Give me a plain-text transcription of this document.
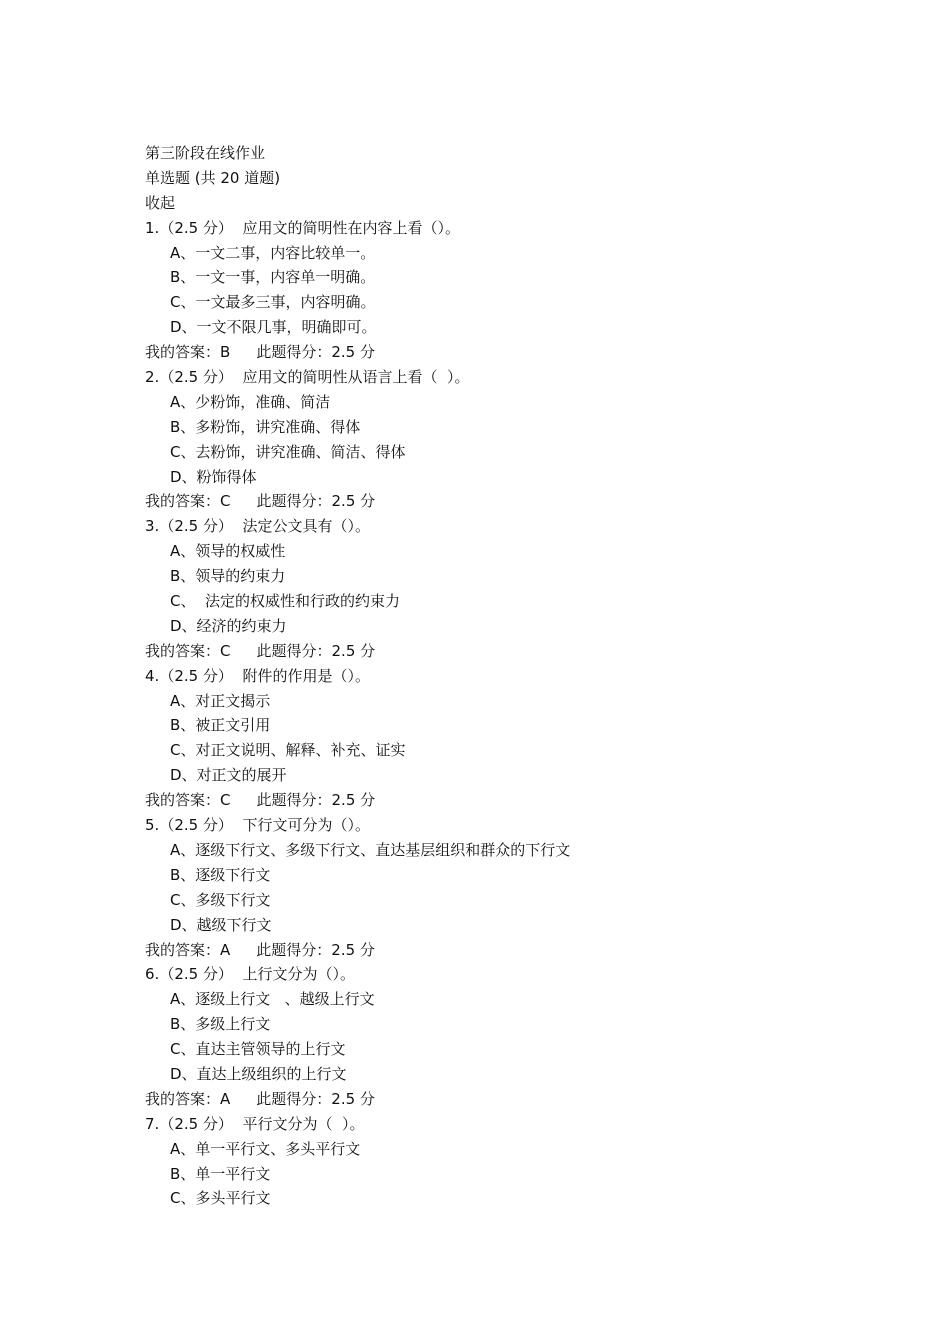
第三阶段在线作业
单选题 (共 20 道题)
收起
1.（2.5 分） 应用文的简明性在内容上看（）。
A、一文二事，内容比较单一。
B、一文一事，内容单一明确。
C、一文最多三事，内容明确。
D、一文不限几事，明确即可。
我的答案：B 此题得分：2.5 分
2.（2.5 分） 应用文的简明性从语言上看（  ）。
A、少粉饰，准确、简洁
B、多粉饰，讲究准确、得体
C、去粉饰，讲究准确、简洁、得体
D、粉饰得体
我的答案：C 此题得分：2.5 分
3.（2.5 分） 法定公文具有（）。
A、领导的权威性
B、领导的约束力
C、  法定的权威性和行政的约束力
D、经济的约束力
我的答案：C 此题得分：2.5 分
4.（2.5 分） 附件的作用是（）。
A、对正文揭示
B、被正文引用
C、对正文说明、解释、补充、证实
D、对正文的展开
我的答案：C 此题得分：2.5 分
5.（2.5 分） 下行文可分为（）。
A、逐级下行文、多级下行文、直达基层组织和群众的下行文
B、逐级下行文
C、多级下行文
D、越级下行文
我的答案：A 此题得分：2.5 分
6.（2.5 分） 上行文分为（）。
A、逐级上行文   、越级上行文
B、多级上行文
C、直达主管领导的上行文
D、直达上级组织的上行文
我的答案：A 此题得分：2.5 分
7.（2.5 分） 平行文分为（  ）。
A、单一平行文、多头平行文
B、单一平行文
C、多头平行文
